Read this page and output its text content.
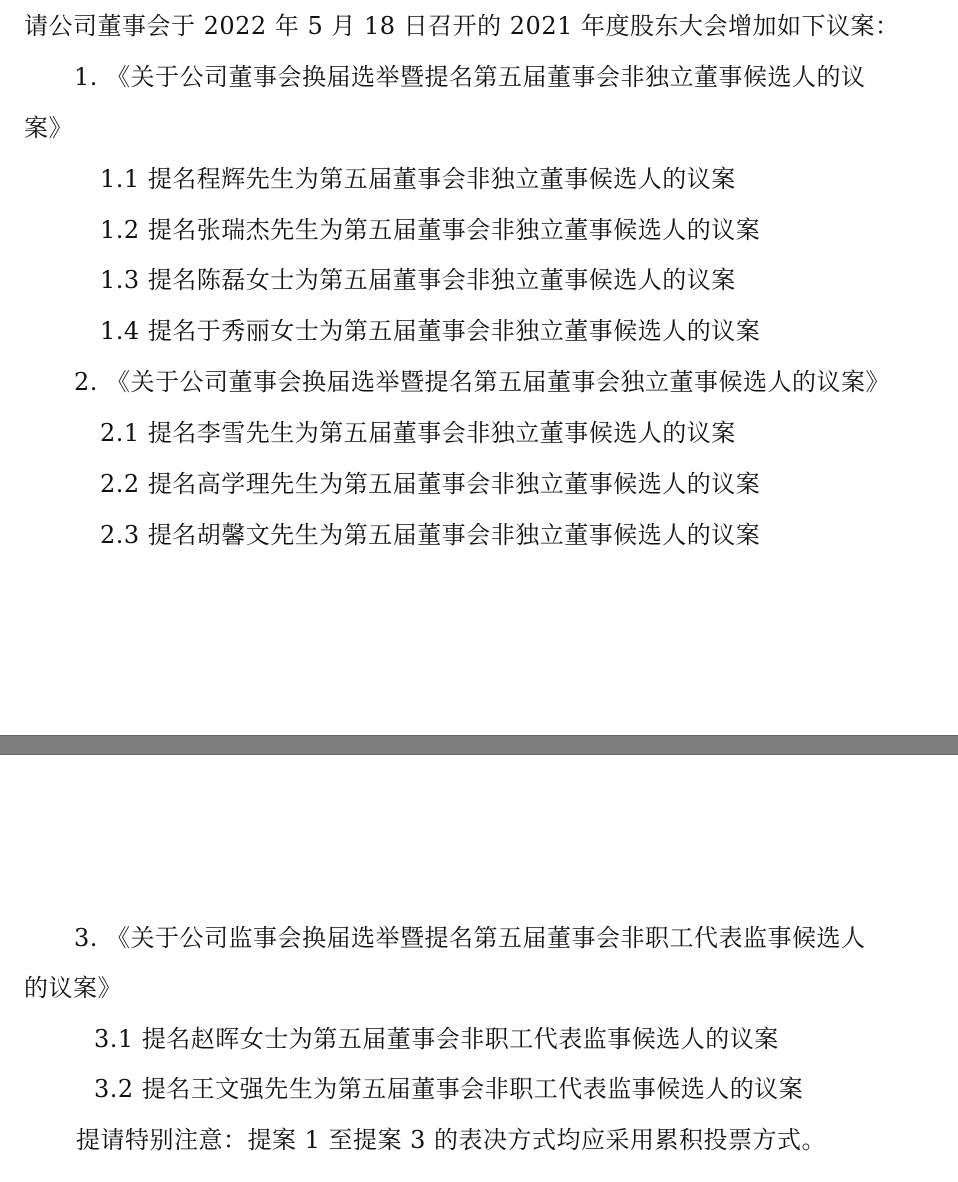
请公司董事会于 2022 年 5 月 18 日召开的 2021 年度股东大会增加如下议案：
1. 《关于公司董事会换届选举暨提名第五届董事会非独立董事候选人的议
案》
1.1 提名程辉先生为第五届董事会非独立董事候选人的议案
1.2 提名张瑞杰先生为第五届董事会非独立董事候选人的议案
1.3 提名陈磊女士为第五届董事会非独立董事候选人的议案
1.4 提名于秀丽女士为第五届董事会非独立董事候选人的议案
2. 《关于公司董事会换届选举暨提名第五届董事会独立董事候选人的议案》
2.1 提名李雪先生为第五届董事会非独立董事候选人的议案
2.2 提名高学理先生为第五届董事会非独立董事候选人的议案
2.3 提名胡馨文先生为第五届董事会非独立董事候选人的议案
3. 《关于公司监事会换届选举暨提名第五届董事会非职工代表监事候选人
的议案》
3.1 提名赵晖女士为第五届董事会非职工代表监事候选人的议案
3.2 提名王文强先生为第五届董事会非职工代表监事候选人的议案
提请特别注意：提案 1 至提案 3 的表决方式均应采用累积投票方式。
